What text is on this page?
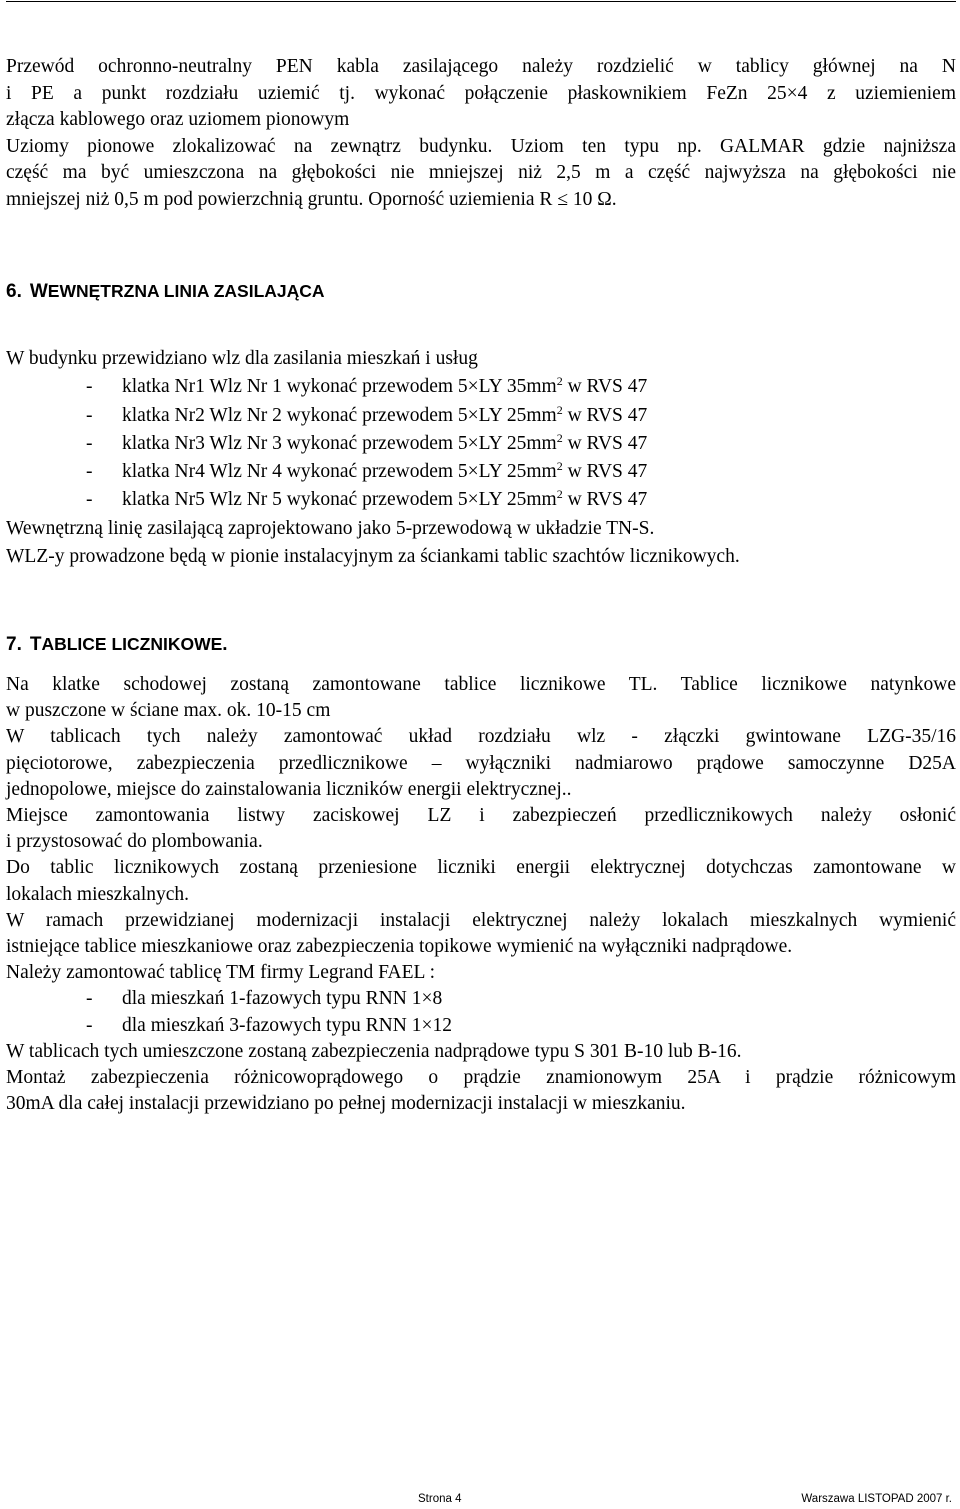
Przewód ochronno-neutralny PEN kabla zasilającego należy rozdzielić w tablicy głównej na N
i PE a punkt rozdziału uziemić tj. wykonać połączenie płaskownikiem FeZn 25×4 z uziemieniem
złącza kablowego oraz uziomem pionowym
Uziomy pionowe zlokalizować na zewnątrz budynku. Uziom ten typu np. GALMAR gdzie najniższa
część ma być umieszczona na głębokości nie mniejszej niż 2,5 m a część najwyższa na głębokości nie
mniejszej niż 0,5 m pod powierzchnią gruntu. Oporność uziemienia R ≤ 10 Ω.
6. WEWNĘTRZNA LINIA ZASILAJĄCA
W budynku przewidziano wlz dla zasilania mieszkań i usług
- klatka Nr1 Wlz Nr 1 wykonać przewodem 5×LY $35mm^2$ w RVS 47
- klatka Nr2 Wlz Nr 2 wykonać przewodem 5×LY $25mm^2$ w RVS 47
- klatka Nr3 Wlz Nr 3 wykonać przewodem 5×LY $25mm^2$ w RVS 47
- klatka Nr4 Wlz Nr 4 wykonać przewodem 5×LY $25mm^2$ w RVS 47
- klatka Nr5 Wlz Nr 5 wykonać przewodem 5×LY $25mm^2$ w RVS 47
Wewnętrzną linię zasilającą zaprojektowano jako 5-przewodową w układzie TN-S.
WLZ-y prowadzone będą w pionie instalacyjnym za ściankami tablic szachtów licznikowych.
7. TABLICE LICZNIKOWE.
Na klatke schodowej zostaną zamontowane tablice licznikowe TL. Tablice licznikowe natynkowe
w puszczone w ściane max. ok. 10-15 cm
W tablicach tych należy zamontować układ rozdziału wlz - złączki gwintowane LZG-35/16
pięciotorowe, zabezpieczenia przedlicznikowe – wyłączniki nadmiarowo prądowe samoczynne D25A
jednopolowe, miejsce do zainstalowania liczników energii elektrycznej..
Miejsce zamontowania listwy zaciskowej LZ i zabezpieczeń przedlicznikowych należy osłonić
i przystosować do plombowania.
Do tablic licznikowych zostaną przeniesione liczniki energii elektrycznej dotychczas zamontowane w
lokalach mieszkalnych.
W ramach przewidzianej modernizacji instalacji elektrycznej należy lokalach mieszkalnych wymienić
istniejące tablice mieszkaniowe oraz zabezpieczenia topikowe wymienić na wyłączniki nadprądowe.
Należy zamontować tablicę TM firmy Legrand FAEL :
- dla mieszkań 1-fazowych typu RNN 1×8
- dla mieszkań 3-fazowych typu RNN 1×12
W tablicach tych umieszczone zostaną zabezpieczenia nadprądowe typu S 301 B-10 lub B-16.
Montaż zabezpieczenia różnicowoprądowego o prądzie znamionowym 25A i prądzie różnicowym
30mA dla całej instalacji przewidziano po pełnej modernizacji instalacji w mieszkaniu.
Strona 4	Warszawa LISTOPAD 2007 r.
